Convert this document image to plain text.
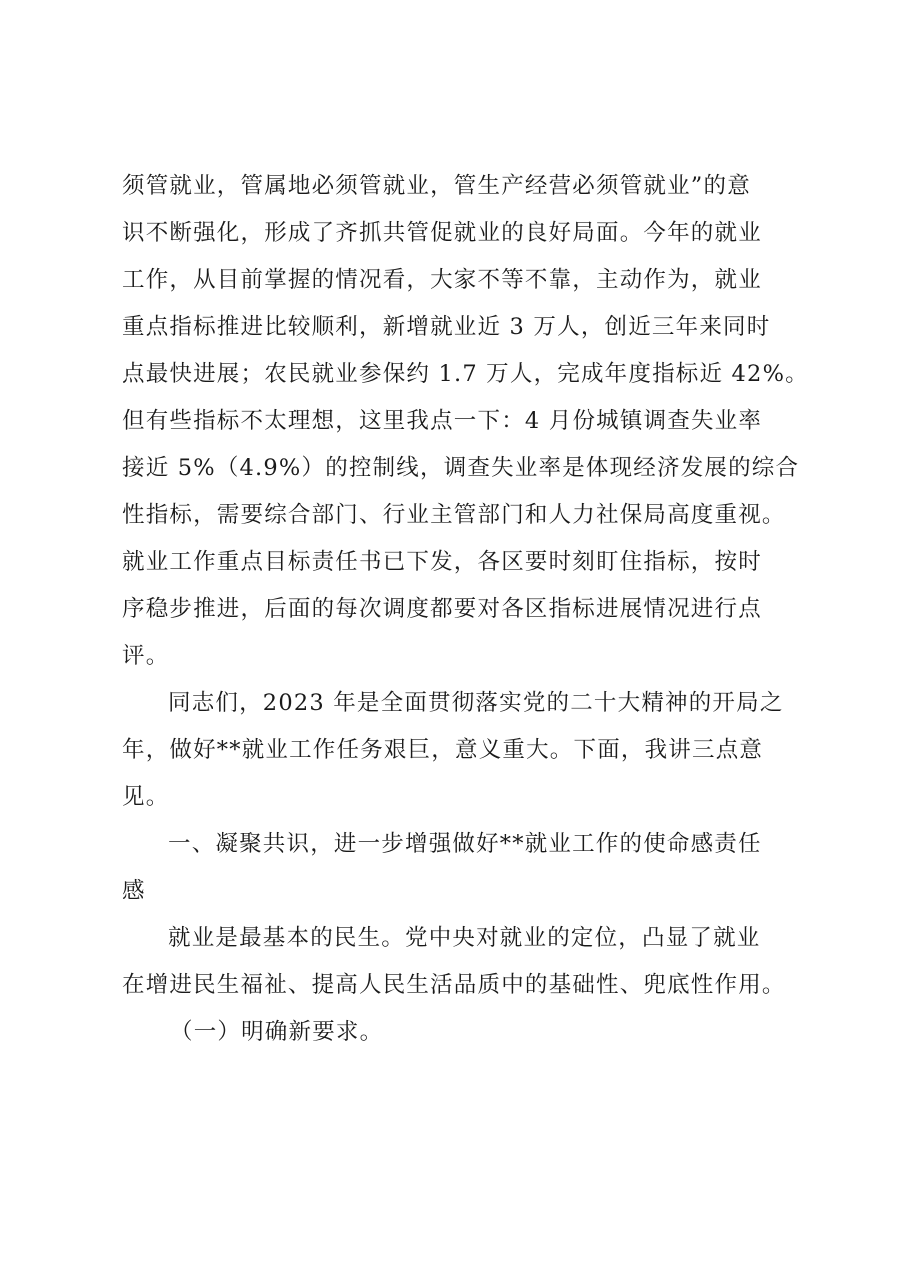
须管就业，管属地必须管就业，管生产经营必须管就业”的意
识不断强化，形成了齐抓共管促就业的良好局面。今年的就业
工作，从目前掌握的情况看，大家不等不靠，主动作为，就业
重点指标推进比较顺利，新增就业近 3 万人，创近三年来同时
点最快进展；农民就业参保约 1.7 万人，完成年度指标近 42%。
但有些指标不太理想，这里我点一下：4 月份城镇调查失业率
接近 5%（4.9%）的控制线，调查失业率是体现经济发展的综合
性指标，需要综合部门、行业主管部门和人力社保局高度重视。
就业工作重点目标责任书已下发，各区要时刻盯住指标，按时
序稳步推进，后面的每次调度都要对各区指标进展情况进行点
评。
同志们，2023 年是全面贯彻落实党的二十大精神的开局之
年，做好**就业工作任务艰巨，意义重大。下面，我讲三点意
见。
一、凝聚共识，进一步增强做好**就业工作的使命感责任
感
就业是最基本的民生。党中央对就业的定位，凸显了就业
在增进民生福祉、提高人民生活品质中的基础性、兜底性作用。
（一）明确新要求。
